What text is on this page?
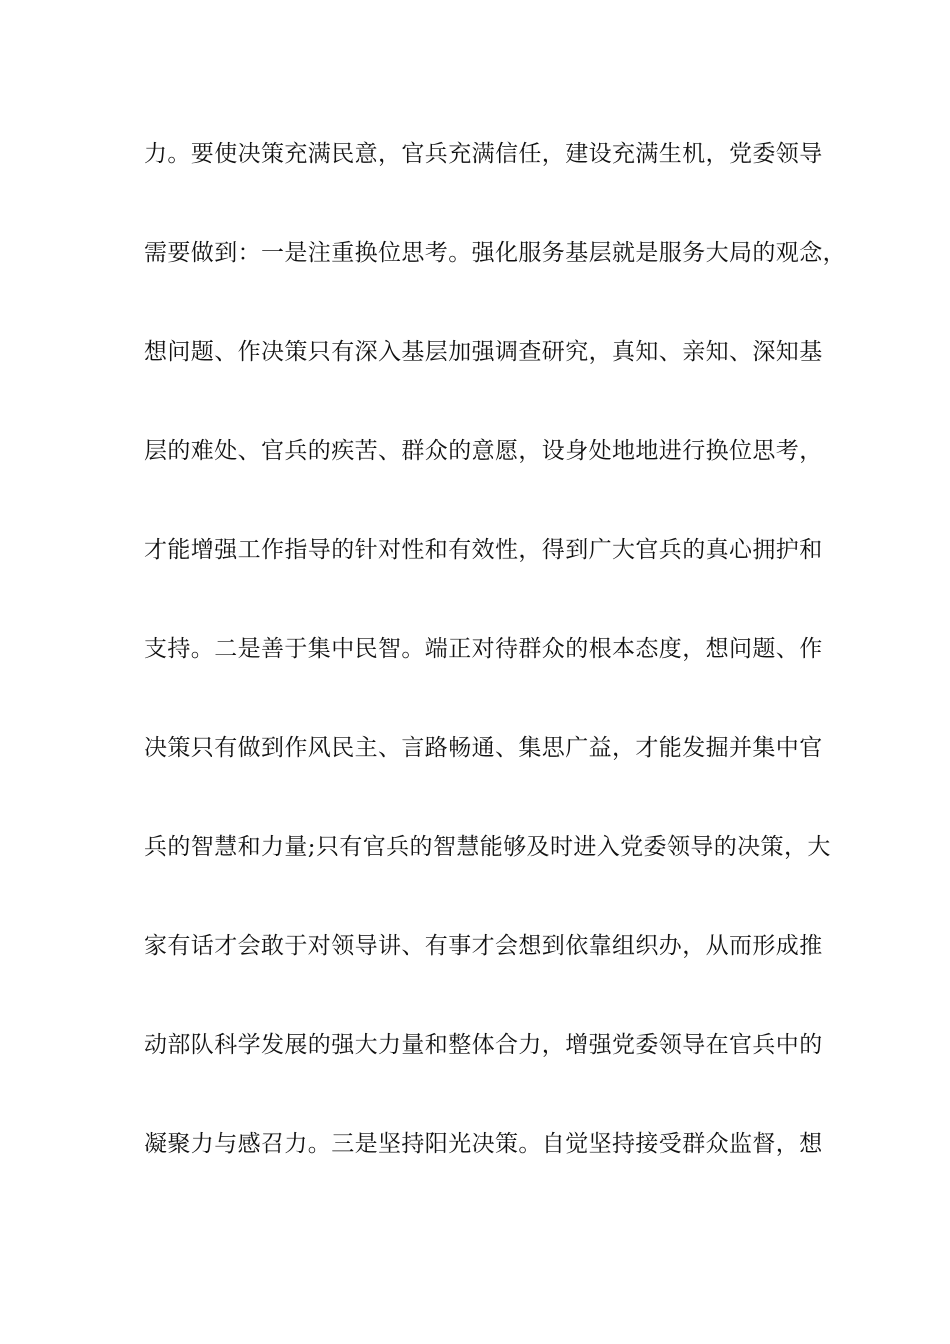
力。要使决策充满民意，官兵充满信任，建设充满生机，党委领导
需要做到：一是注重换位思考。强化服务基层就是服务大局的观念，
想问题、作决策只有深入基层加强调查研究，真知、亲知、深知基
层的难处、官兵的疾苦、群众的意愿，设身处地地进行换位思考，
才能增强工作指导的针对性和有效性，得到广大官兵的真心拥护和
支持。二是善于集中民智。端正对待群众的根本态度，想问题、作
决策只有做到作风民主、言路畅通、集思广益，才能发掘并集中官
兵的智慧和力量;只有官兵的智慧能够及时进入党委领导的决策，大
家有话才会敢于对领导讲、有事才会想到依靠组织办，从而形成推
动部队科学发展的强大力量和整体合力，增强党委领导在官兵中的
凝聚力与感召力。三是坚持阳光决策。自觉坚持接受群众监督，想
